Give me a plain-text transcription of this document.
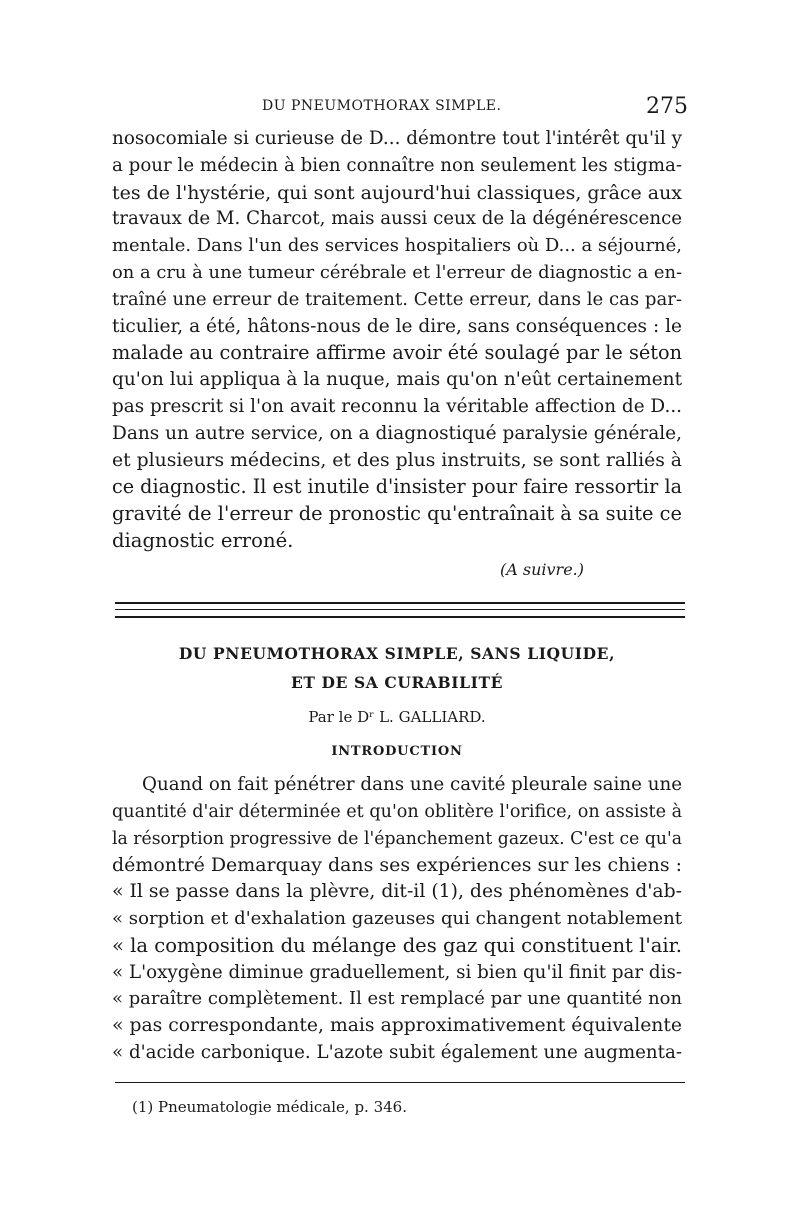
DU PNEUMOTHORAX SIMPLE.	275

nosocomiale si curieuse de D... démontre tout l'intérêt qu'il y
a pour le médecin à bien connaître non seulement les stigma-
tes de l'hystérie, qui sont aujourd'hui classiques, grâce aux
travaux de M. Charcot, mais aussi ceux de la dégénérescence
mentale. Dans l'un des services hospitaliers où D... a séjourné,
on a cru à une tumeur cérébrale et l'erreur de diagnostic a en-
traîné une erreur de traitement. Cette erreur, dans le cas par-
ticulier, a été, hâtons-nous de le dire, sans conséquences : le
malade au contraire affirme avoir été soulagé par le séton
qu'on lui appliqua à la nuque, mais qu'on n'eût certainement
pas prescrit si l'on avait reconnu la véritable affection de D...
Dans un autre service, on a diagnostiqué paralysie générale,
et plusieurs médecins, et des plus instruits, se sont ralliés à
ce diagnostic. Il est inutile d'insister pour faire ressortir la
gravité de l'erreur de pronostic qu'entraînait à sa suite ce
diagnostic erroné.

(A suivre.)
DU PNEUMOTHORAX SIMPLE, SANS LIQUIDE,
ET DE SA CURABILITÉ

Par le Dʳ L. GALLIARD.

INTRODUCTION

Quand on fait pénétrer dans une cavité pleurale saine une
quantité d'air déterminée et qu'on oblitère l'orifice, on assiste à
la résorption progressive de l'épanchement gazeux. C'est ce qu'a
démontré Demarquay dans ses expériences sur les chiens :
« Il se passe dans la plèvre, dit-il (1), des phénomènes d'ab-
« sorption et d'exhalation gazeuses qui changent notablement
« la composition du mélange des gaz qui constituent l'air.
« L'oxygène diminue graduellement, si bien qu'il finit par dis-
« paraître complètement. Il est remplacé par une quantité non
« pas correspondante, mais approximativement équivalente
« d'acide carbonique. L'azote subit également une augmenta-

(1) Pneumatologie médicale, p. 346.
